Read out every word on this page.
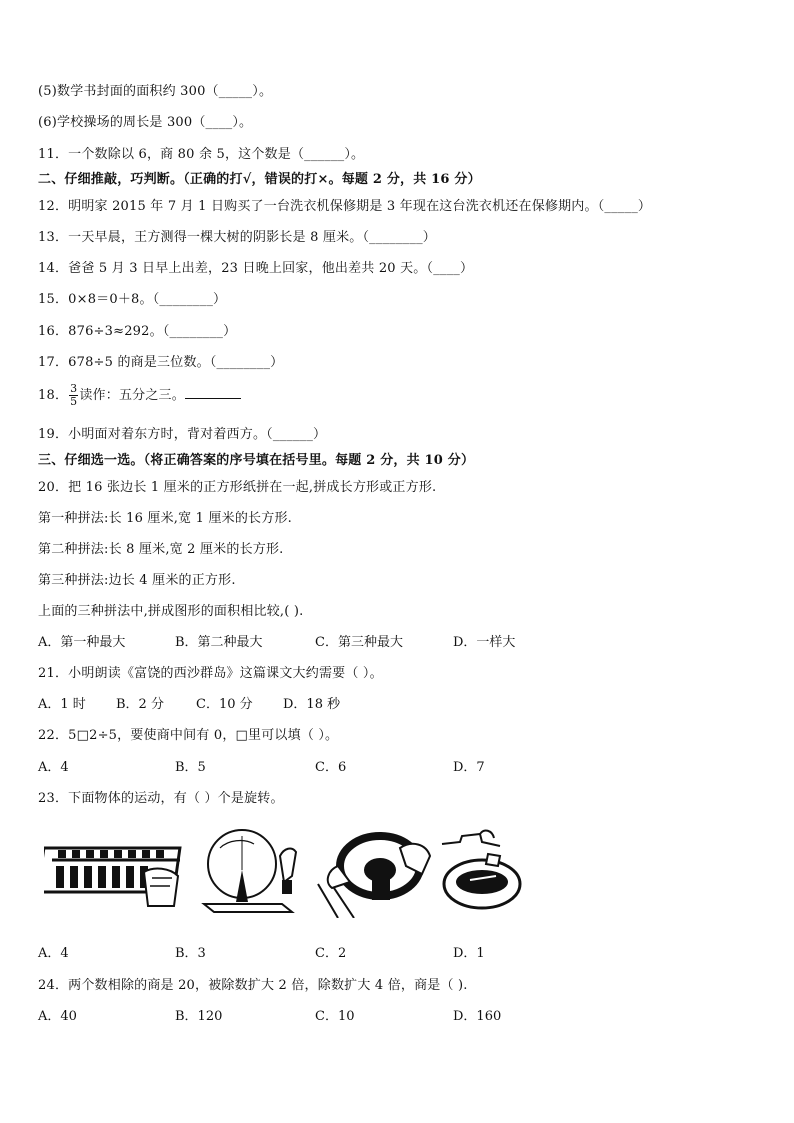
(5)数学书封面的面积约 300（_____）。
(6)学校操场的周长是 300（____）。
11．一个数除以 6，商 80 余 5，这个数是（______）。
二、仔细推敲，巧判断。（正确的打√，错误的打×。每题 2 分，共 16 分）
12．明明家 2015 年 7 月 1 日购买了一台洗衣机保修期是 3 年现在这台洗衣机还在保修期内。（_____）
13．一天早晨，王方测得一棵大树的阴影长是 8 厘米。（________）
14．爸爸 5 月 3 日早上出差，23 日晚上回家，他出差共 20 天。（____）
15．0×8＝0＋8。（________）
16．876÷3≈292。（________）
17．678÷5 的商是三位数。（________）
18． $\frac{3}{5}$ 读作：五分之三。
19．小明面对着东方时，背对着西方。（______）
三、仔细选一选。（将正确答案的序号填在括号里。每题 2 分，共 10 分）
20．把 16 张边长 1 厘米的正方形纸拼在一起,拼成长方形或正方形.
第一种拼法:长 16 厘米,宽 1 厘米的长方形.
第二种拼法:长 8 厘米,宽 2 厘米的长方形.
第三种拼法:边长 4 厘米的正方形.
上面的三种拼法中,拼成图形的面积相比较,( ).
A．第一种最大	B．第二种最大	C．第三种最大	D．一样大
21．小明朗读《富饶的西沙群岛》这篇课文大约需要（ ）。
A．1 时 B．2 分 C．10 分 D．18 秒
22．5□2÷5，要使商中间有 0，□里可以填（ ）。
A．4	B．5	C．6	D．7
23．下面物体的运动，有（ ）个是旋转。
A．4	B．3	C．2	D．1
24．两个数相除的商是 20，被除数扩大 2 倍，除数扩大 4 倍，商是（ ).
A．40	B．120	C．10	D．160
